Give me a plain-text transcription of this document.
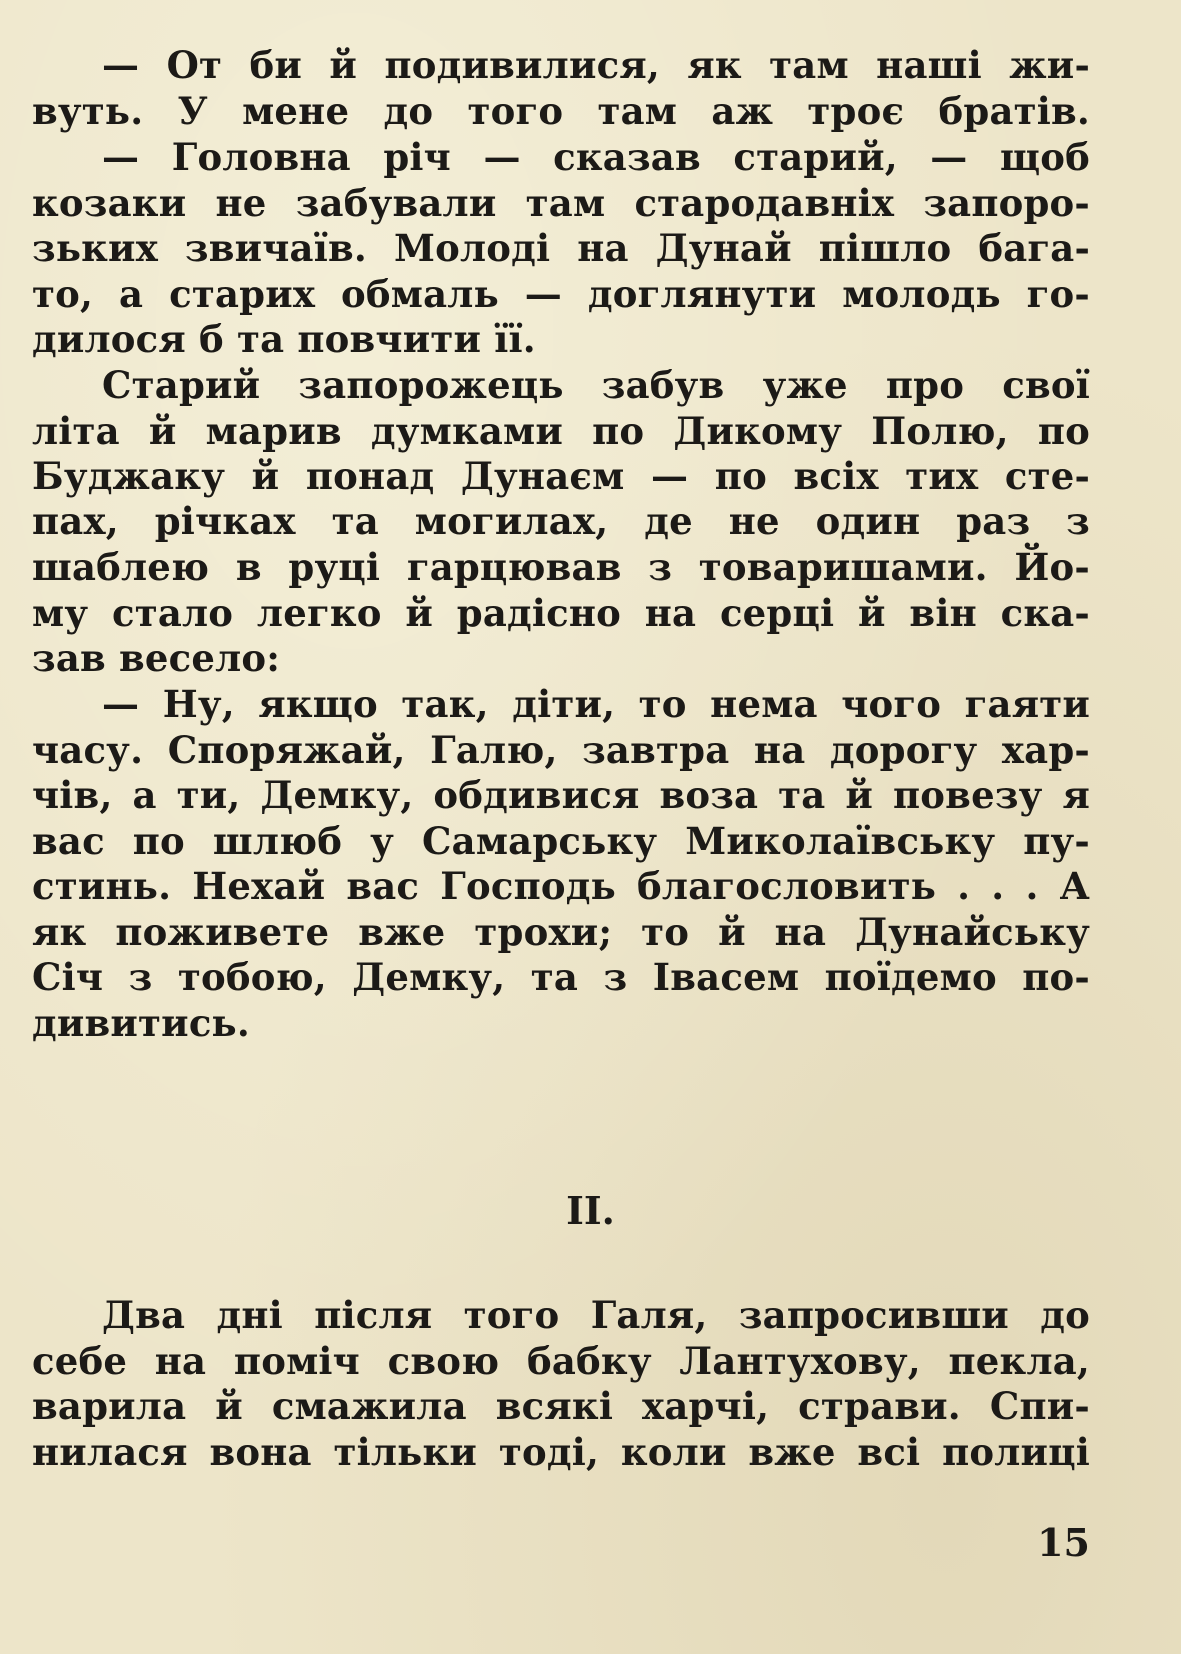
— От би й подивилися, як там наші жи-

вуть. У мене до того там аж троє братів.

— Головна річ — сказав старий, — щоб

козаки не забували там стародавніх запоро-

зьких звичаїв. Молоді на Дунай пішло бага-

то, а старих обмаль — доглянути молодь го-

дилося б та повчити її.

Старий запорожець забув уже про свої

літа й марив думками по Дикому Полю, по

Буджаку й понад Дунаєм — по всіх тих сте-

пах, річках та могилах, де не один раз з

шаблею в руці гарцював з товаришами. Йо-

му стало легко й радісно на серці й він ска-

зав весело:

— Ну, якщо так, діти, то нема чого гаяти

часу. Споряжай, Галю, завтра на дорогу хар-

чів, а ти, Демку, обдивися воза та й повезу я

вас по шлюб у Самарську Миколаївську пу-

стинь. Нехай вас Господь благословить . . . А

як поживете вже трохи; то й на Дунайську

Січ з тобою, Демку, та з Івасем поїдемо по-

дивитись.

II.

Два дні після того Галя, запросивши до

себе на поміч свою бабку Лантухову, пекла,

варила й смажила всякі харчі, страви. Спи-

нилася вона тільки тоді, коли вже всі полиці

15
